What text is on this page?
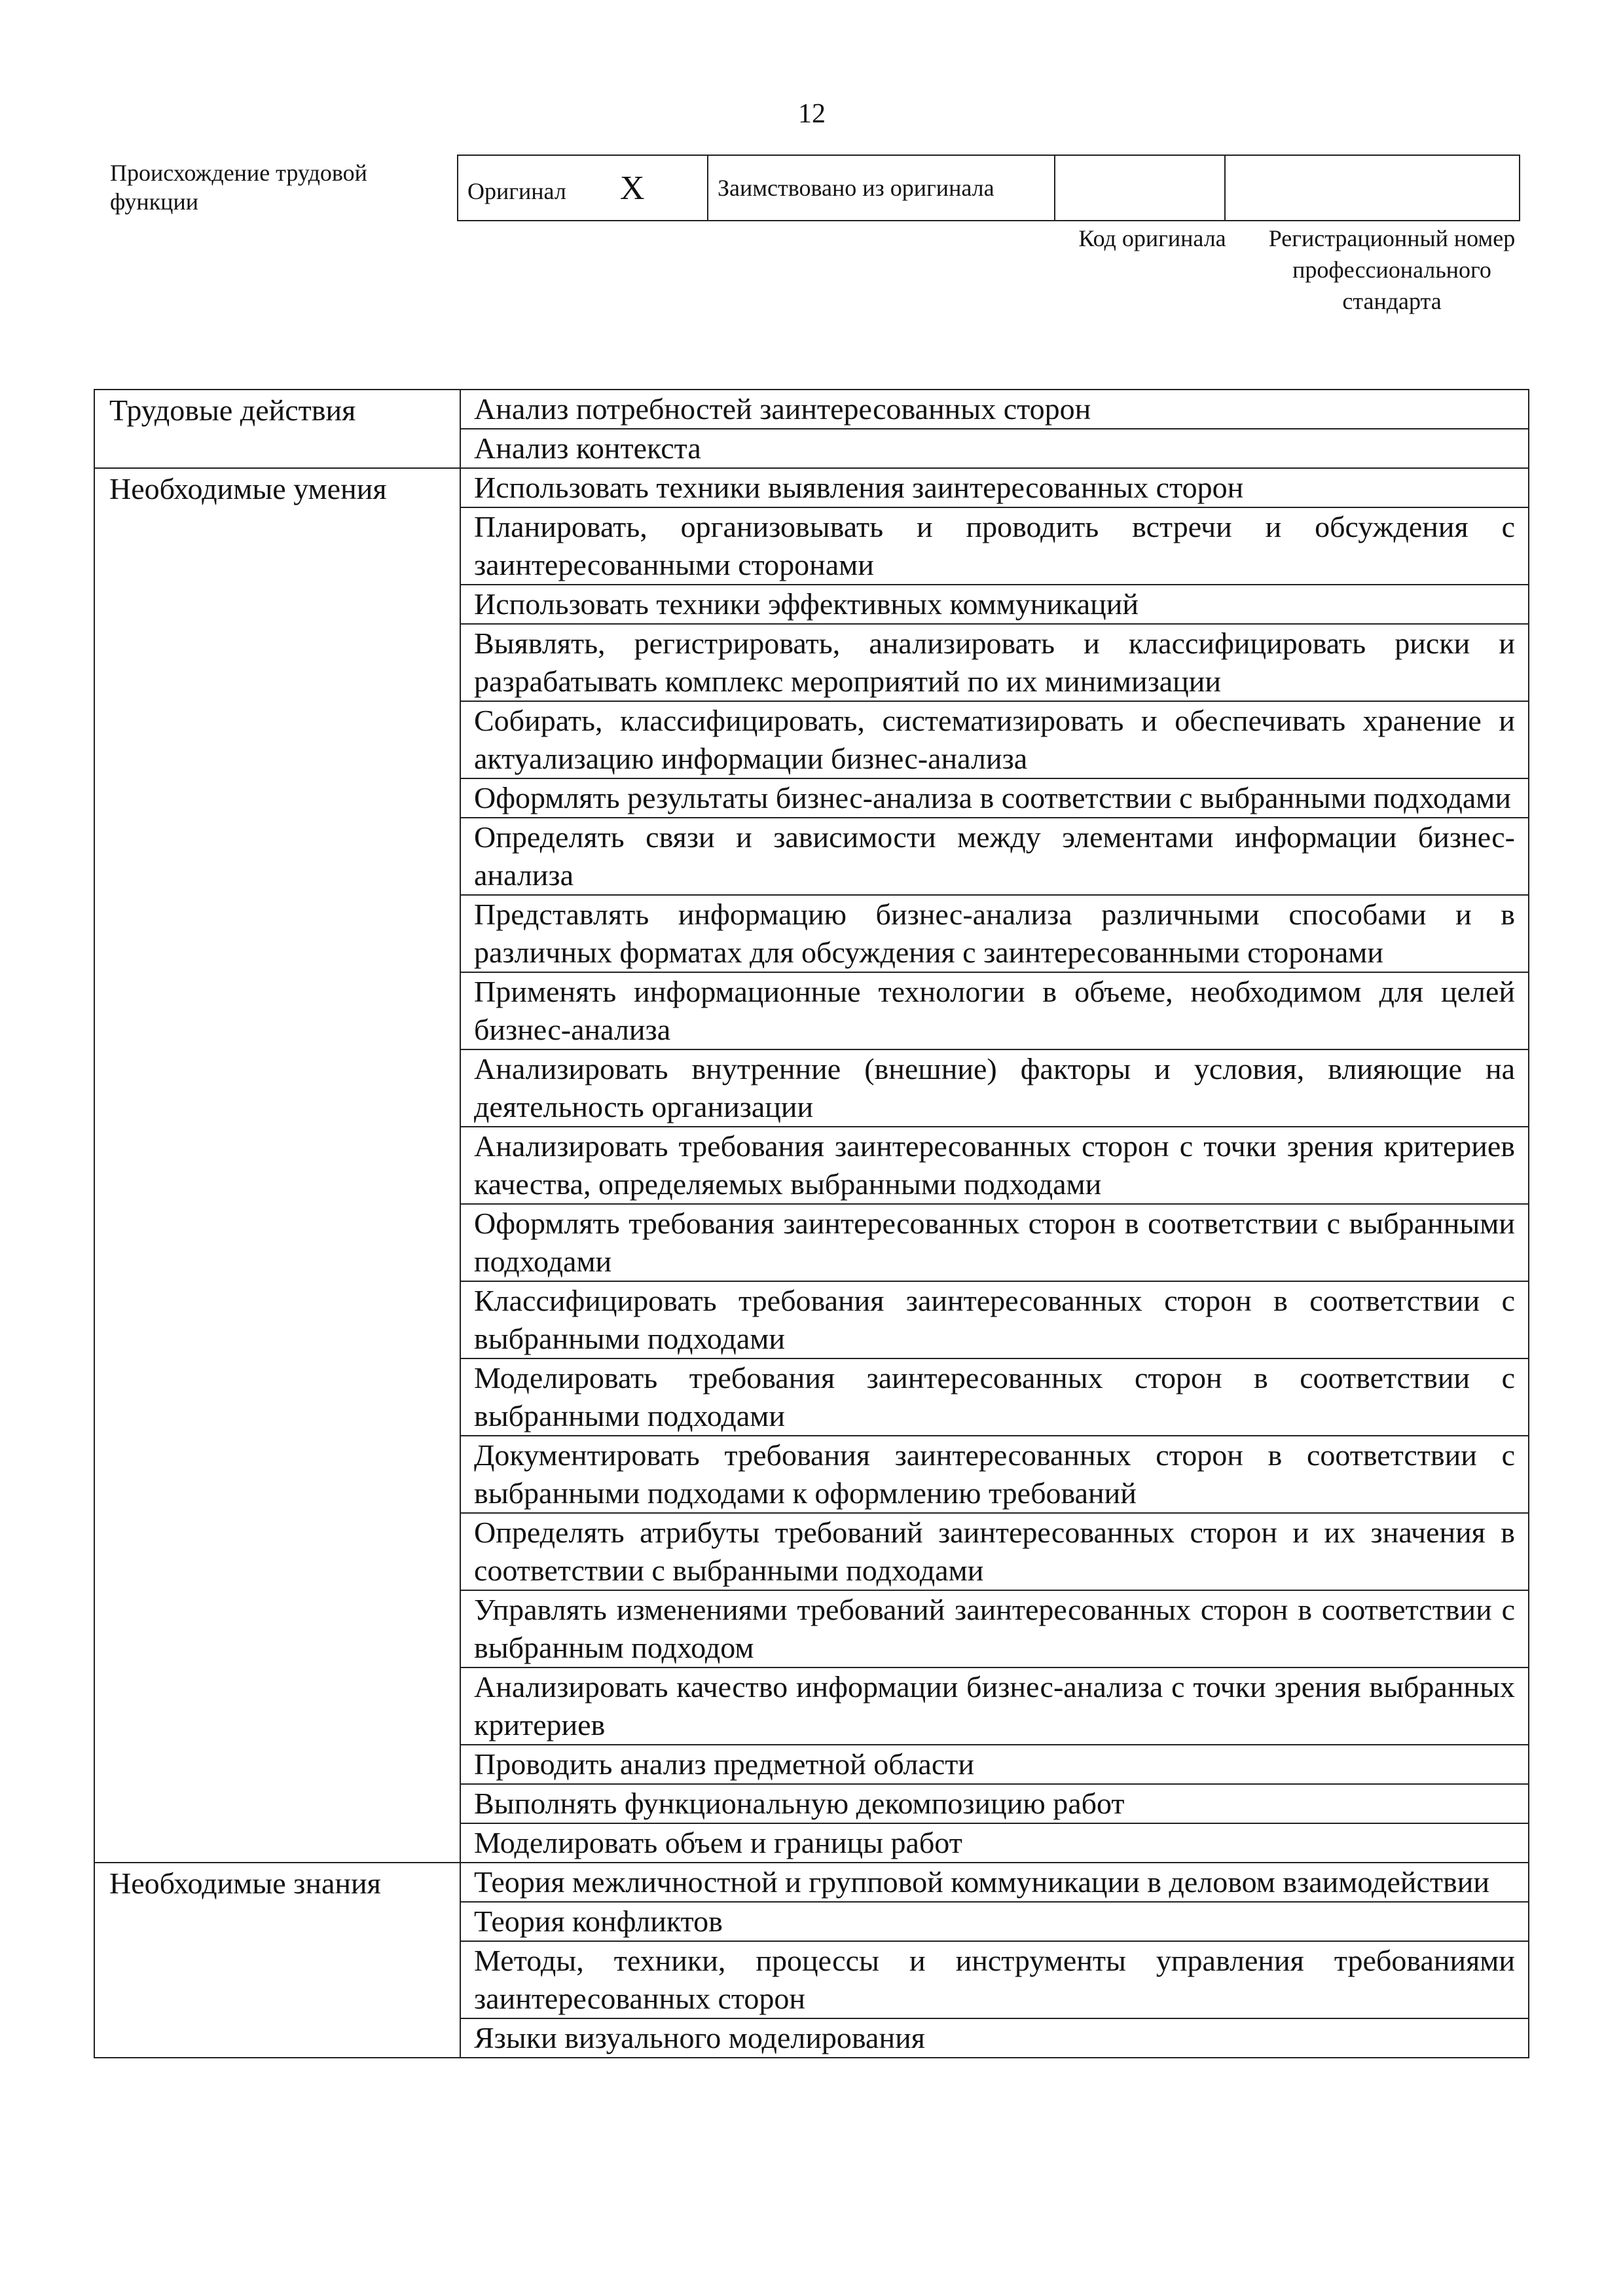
12
Происхождение трудовой функции	Оригинал X	Заимствовано из оригинала		
Код оригинала	Регистрационный номер профессионального стандарта
Трудовые действия	Анализ потребностей заинтересованных сторон
	Анализ контекста
Необходимые умения	Использовать техники выявления заинтересованных сторон
	Планировать, организовывать и проводить встречи и обсуждения с заинтересованными сторонами
	Использовать техники эффективных коммуникаций
	Выявлять, регистрировать, анализировать и классифицировать риски и разрабатывать комплекс мероприятий по их минимизации
	Собирать, классифицировать, систематизировать и обеспечивать хранение и актуализацию информации бизнес-анализа
	Оформлять результаты бизнес-анализа в соответствии с выбранными подходами
	Определять связи и зависимости между элементами информации бизнес-анализа
	Представлять информацию бизнес-анализа различными способами и в различных форматах для обсуждения с заинтересованными сторонами
	Применять информационные технологии в объеме, необходимом для целей бизнес-анализа
	Анализировать внутренние (внешние) факторы и условия, влияющие на деятельность организации
	Анализировать требования заинтересованных сторон с точки зрения критериев качества, определяемых выбранными подходами
	Оформлять требования заинтересованных сторон в соответствии с выбранными подходами
	Классифицировать требования заинтересованных сторон в соответствии с выбранными подходами
	Моделировать требования заинтересованных сторон в соответствии с выбранными подходами
	Документировать требования заинтересованных сторон в соответствии с выбранными подходами к оформлению требований
	Определять атрибуты требований заинтересованных сторон и их значения в соответствии с выбранными подходами
	Управлять изменениями требований заинтересованных сторон в соответствии с выбранным подходом
	Анализировать качество информации бизнес-анализа с точки зрения выбранных критериев
	Проводить анализ предметной области
	Выполнять функциональную декомпозицию работ
	Моделировать объем и границы работ
Необходимые знания	Теория межличностной и групповой коммуникации в деловом взаимодействии
	Теория конфликтов
	Методы, техники, процессы и инструменты управления требованиями заинтересованных сторон
	Языки визуального моделирования
